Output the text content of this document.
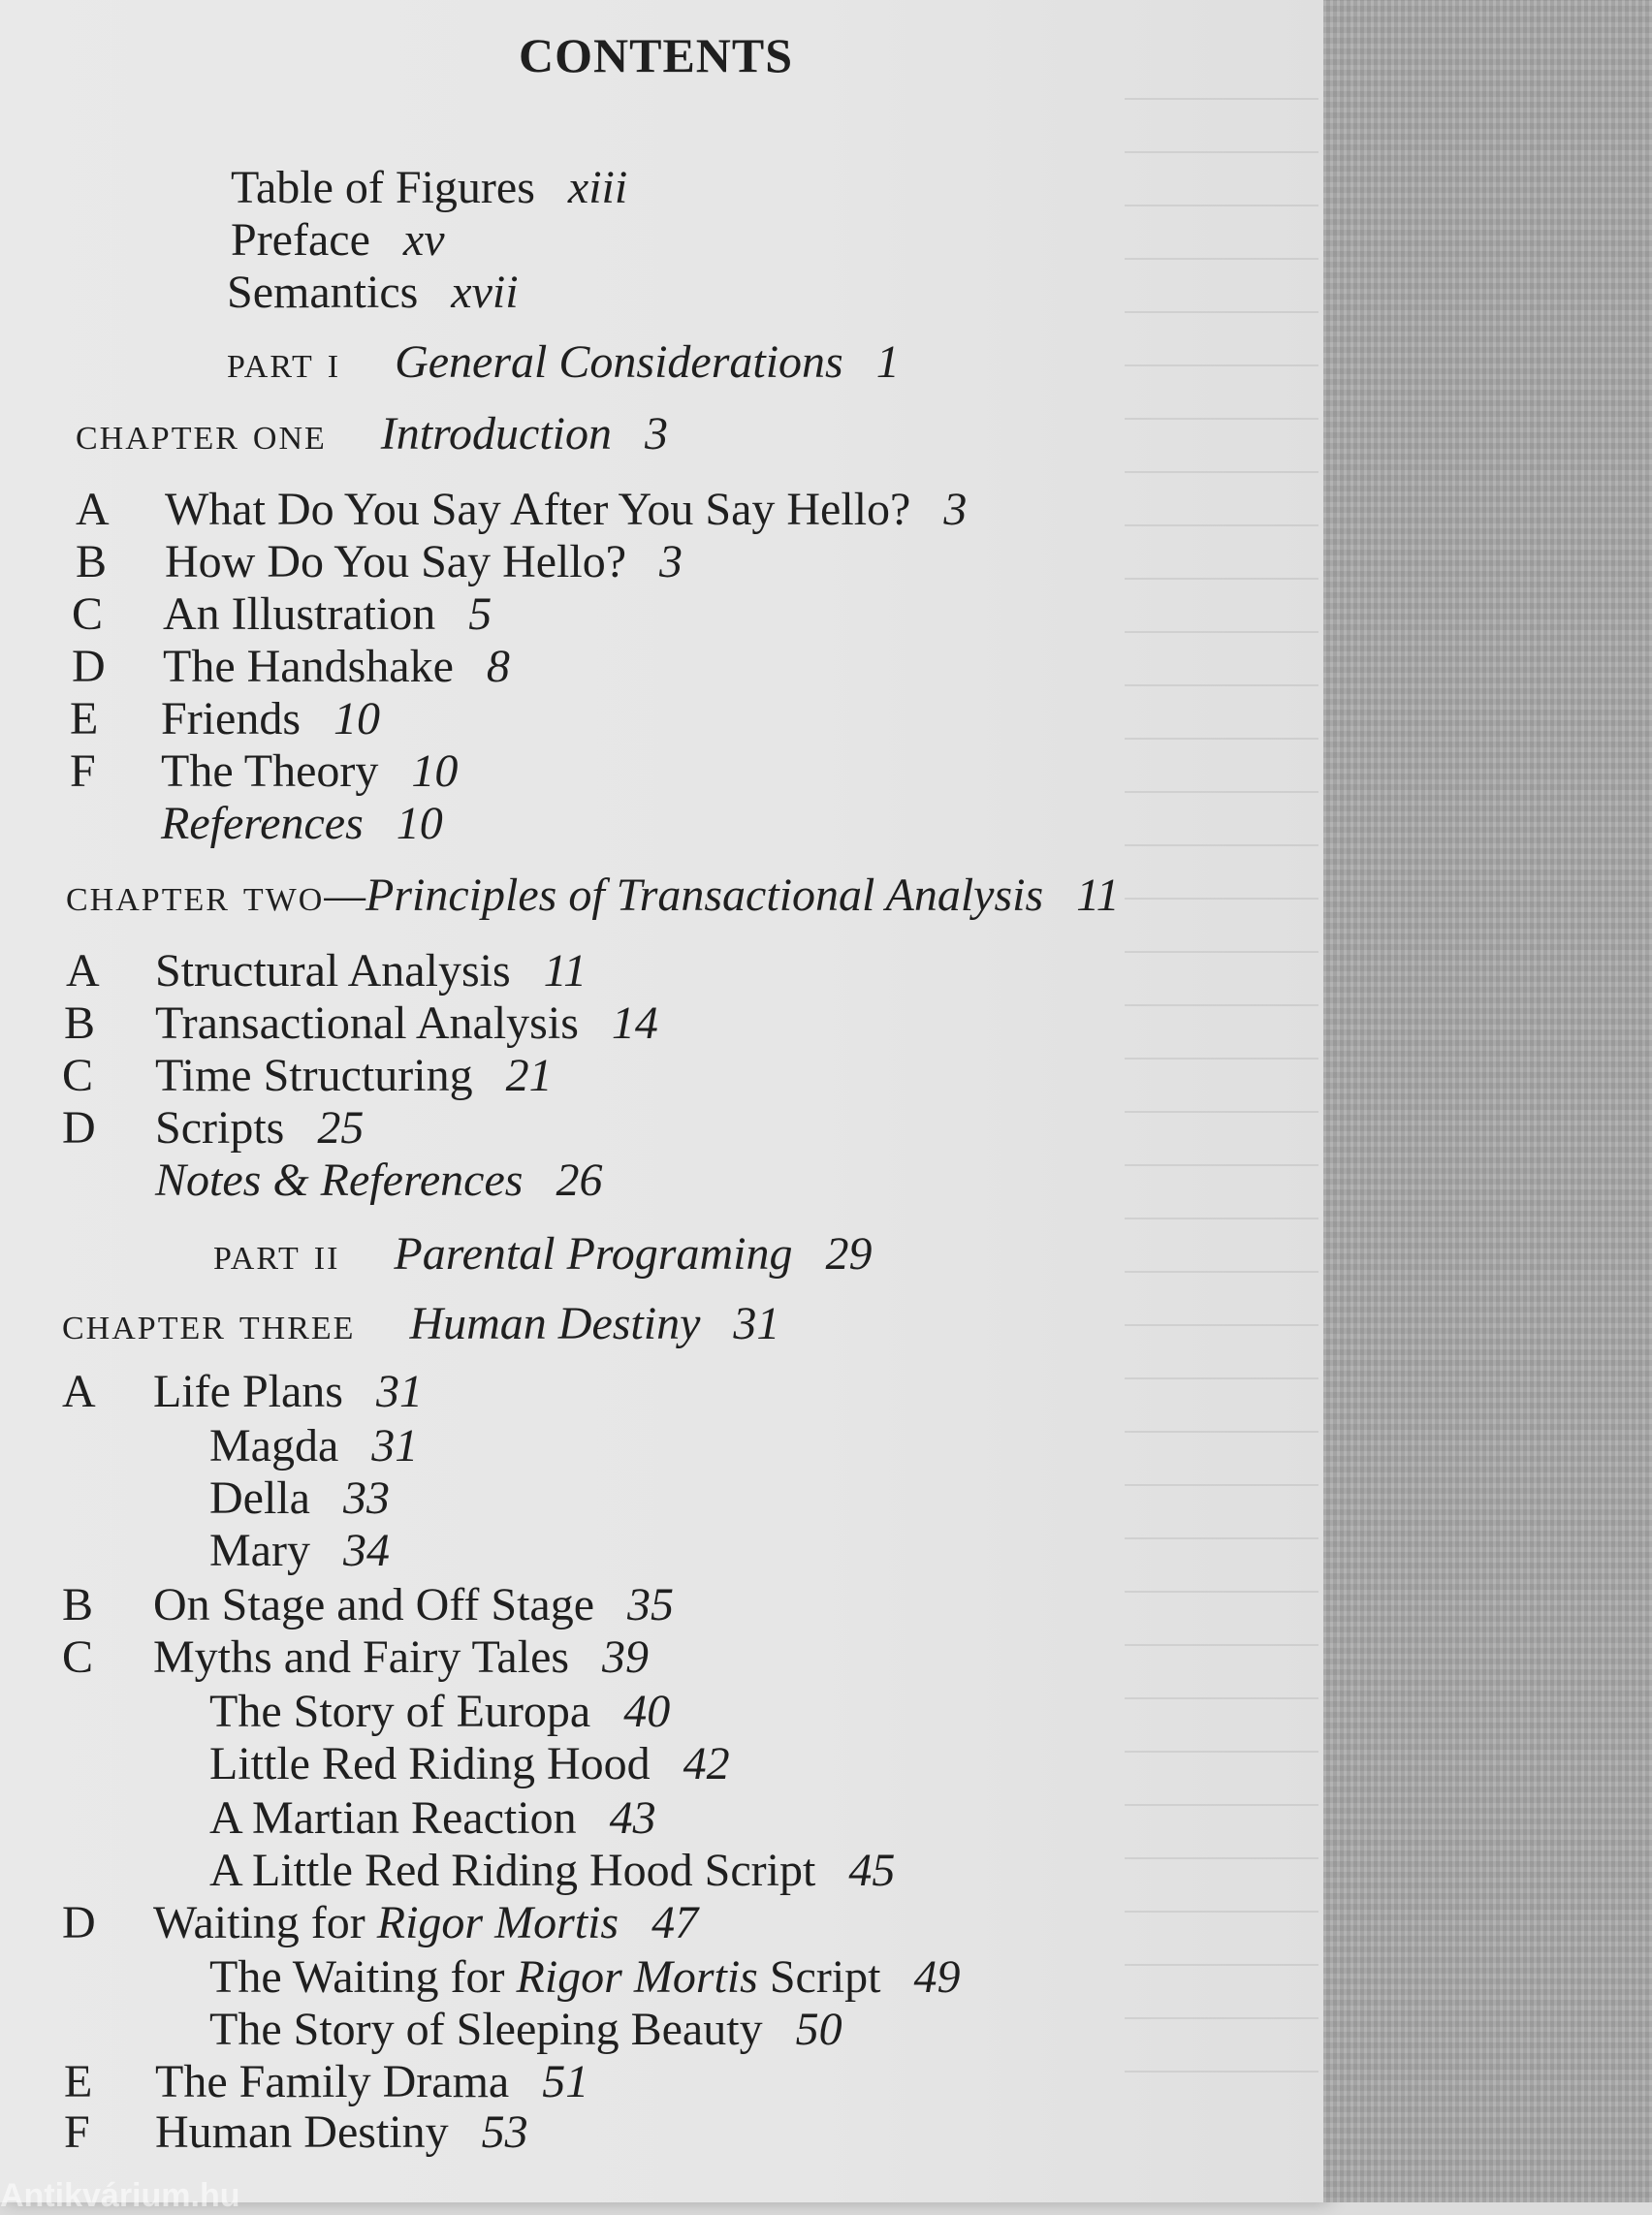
CONTENTS
Table of Figures xiii
Preface xv
Semantics xvii
part i General Considerations 1
chapter one Introduction 3
A What Do You Say After You Say Hello? 3
B How Do You Say Hello? 3
C An Illustration 5
D The Handshake 8
E Friends 10
F The Theory 10
References 10
chapter two—Principles of Transactional Analysis 11
A Structural Analysis 11
B Transactional Analysis 14
C Time Structuring 21
D Scripts 25
Notes & References 26
part ii Parental Programing 29
chapter three Human Destiny 31
A Life Plans 31
Magda 31
Della 33
Mary 34
B On Stage and Off Stage 35
C Myths and Fairy Tales 39
The Story of Europa 40
Little Red Riding Hood 42
A Martian Reaction 43
A Little Red Riding Hood Script 45
D Waiting for Rigor Mortis 47
The Waiting for Rigor Mortis Script 49
The Story of Sleeping Beauty 50
E The Family Drama 51
F Human Destiny 53
Antikvárium.hu
